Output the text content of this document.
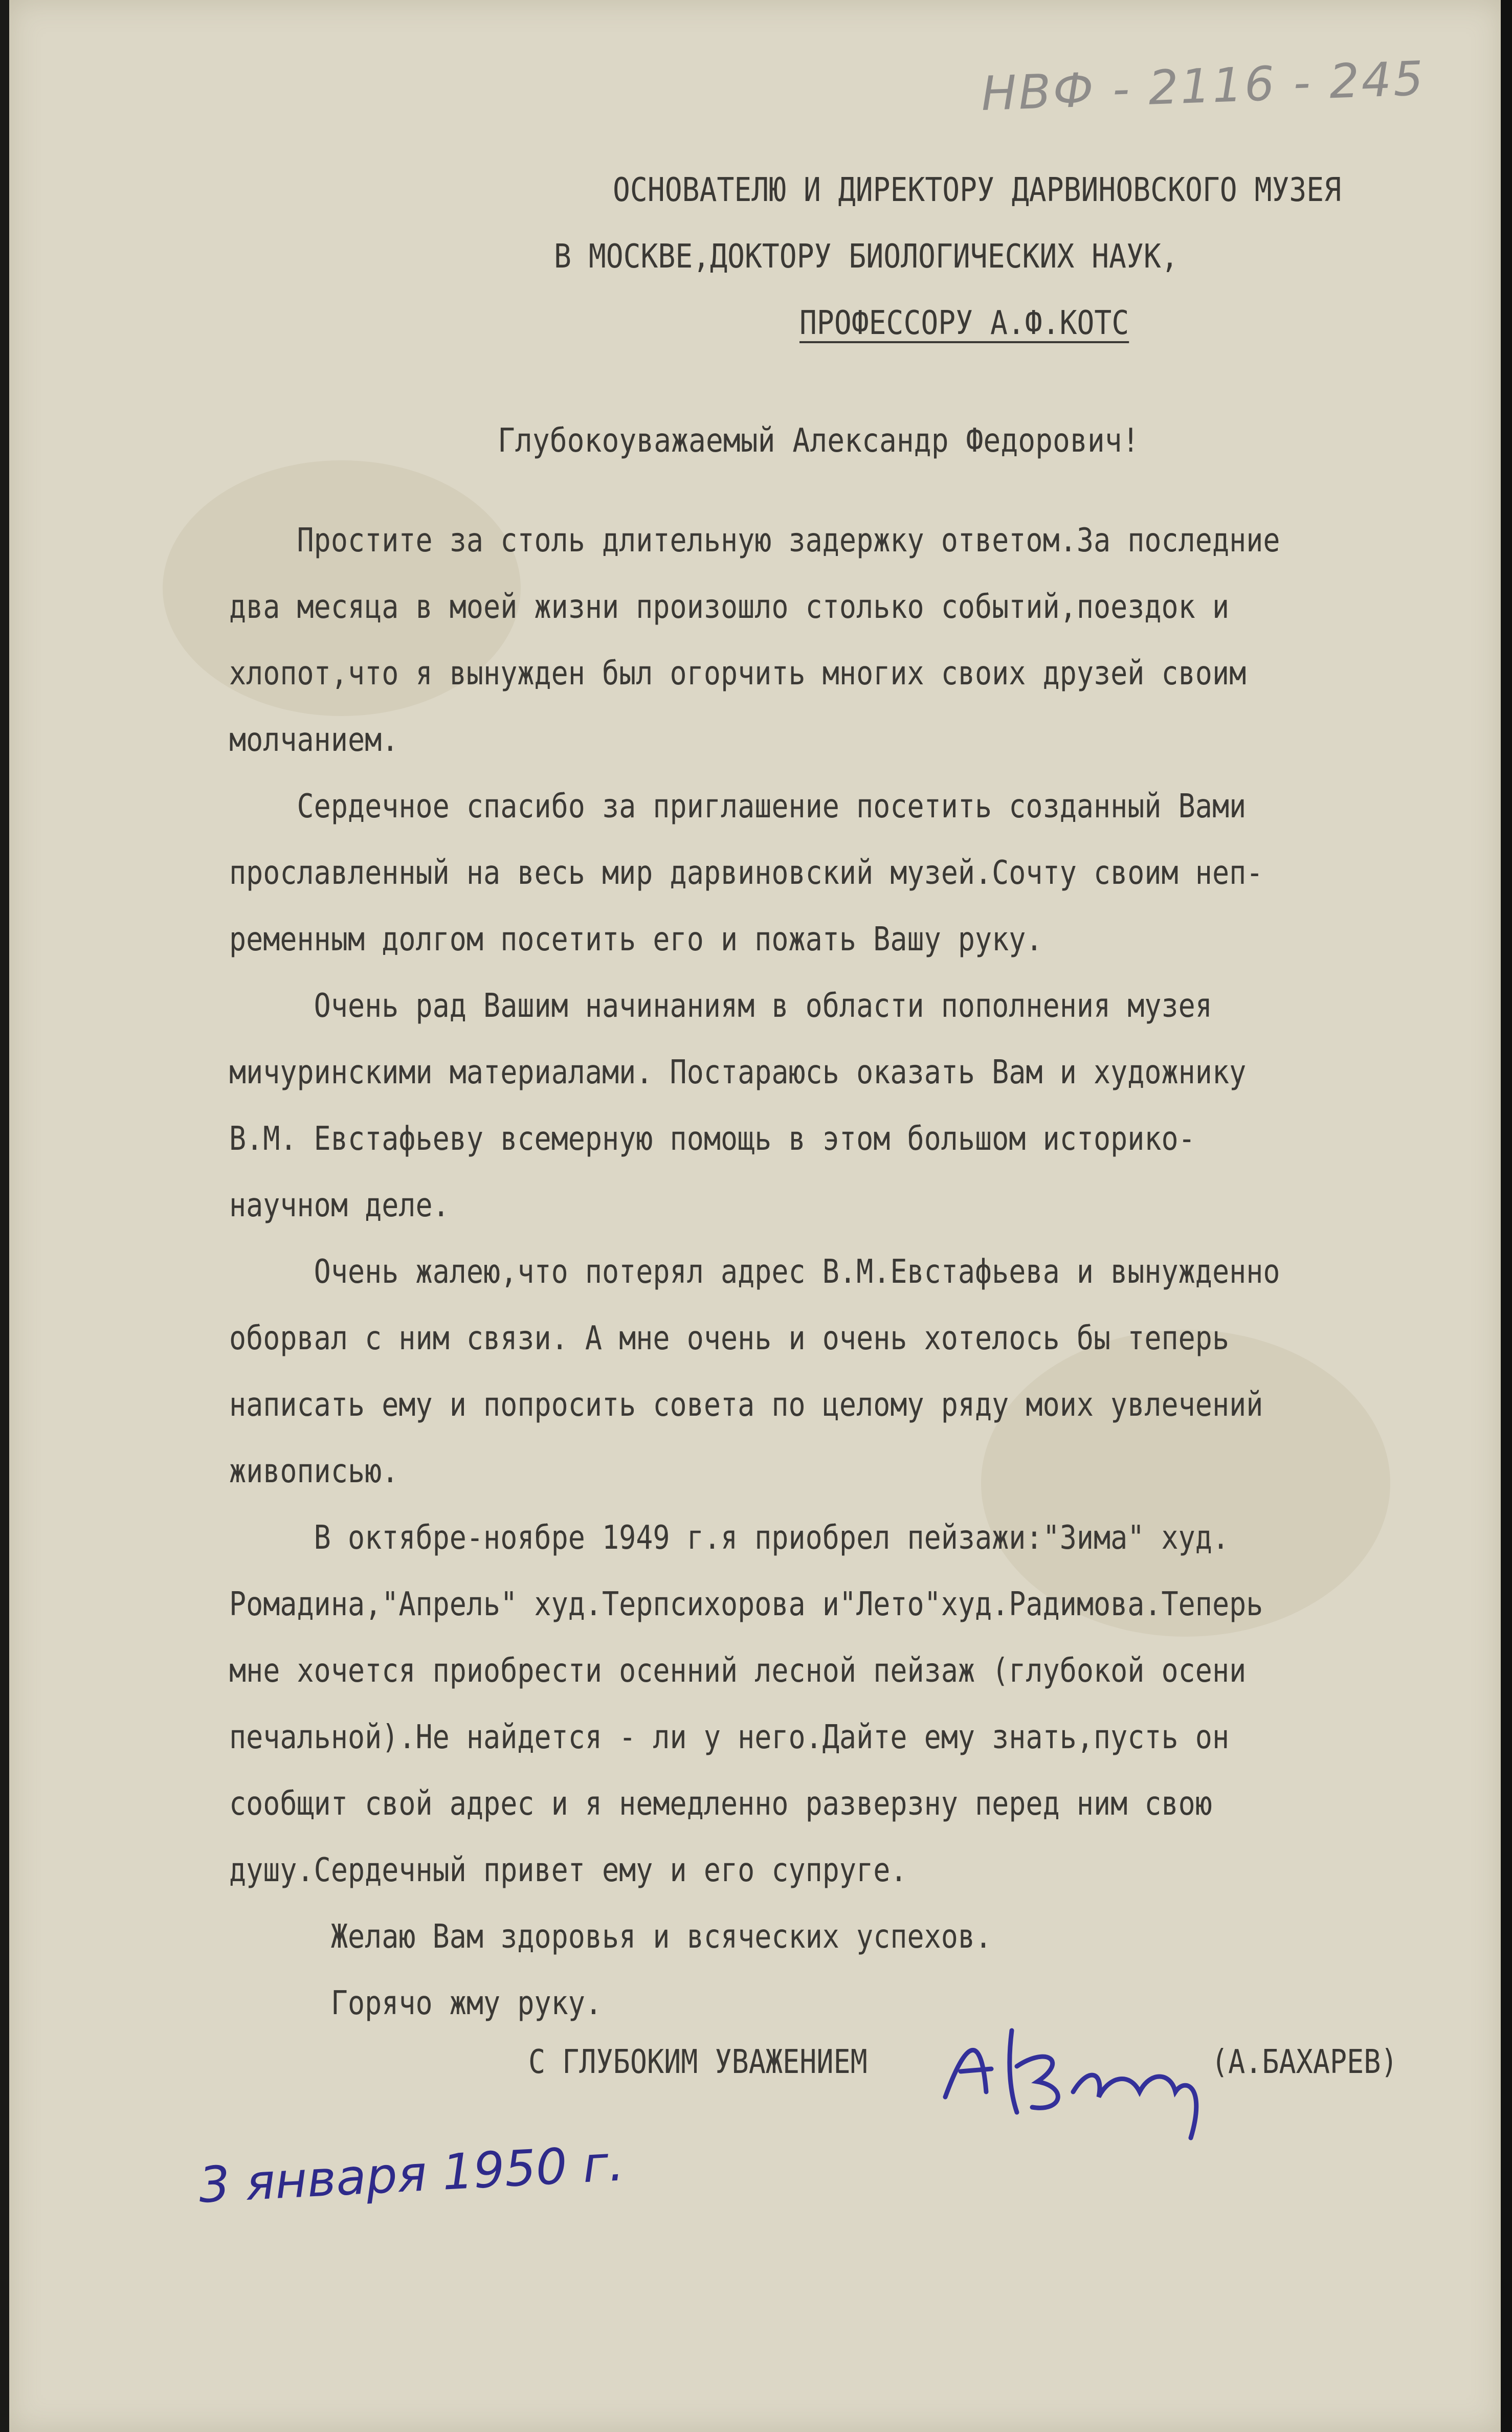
НВФ - 2116 - 245
ОСНОВАТЕЛЮ И ДИРЕКТОРУ ДАРВИНОВСКОГО МУЗЕЯ
В МОСКВЕ,ДОКТОРУ БИОЛОГИЧЕСКИХ НАУК,
ПРОФЕССОРУ А.Ф.КОТС
Глубокоуважаемый Александр Федорович!
Простите за столь длительную задержку ответом.За последние
два месяца в моей жизни произошло столько событий,поездок и
хлопот,что я вынужден был огорчить многих своих друзей своим
молчанием.
Сердечное спасибо за приглашение посетить созданный Вами
прославленный на весь мир дарвиновский музей.Сочту своим неп-
ременным долгом посетить его и пожать Вашу руку.
Очень рад Вашим начинаниям в области пополнения музея
мичуринскими материалами. Постараюсь оказать Вам и художнику
В.М. Евстафьеву всемерную помощь в этом большом историко-
научном деле.
Очень жалею,что потерял адрес В.М.Евстафьева и вынужденно
оборвал с ним связи. А мне очень и очень хотелось бы теперь
написать ему и попросить совета по целому ряду моих увлечений
живописью.
В октябре-ноябре 1949 г.я приобрел пейзажи:"Зима" худ.
Ромадина,"Апрель" худ.Терпсихорова и"Лето"худ.Радимова.Теперь
мне хочется приобрести осенний лесной пейзаж (глубокой осени
печальной).Не найдется - ли у него.Дайте ему знать,пусть он
сообщит свой адрес и я немедленно разверзну перед ним свою
душу.Сердечный привет ему и его супруге.
Желаю Вам здоровья и всяческих успехов.
Горячо жму руку.
С ГЛУБОКИМ УВАЖЕНИЕМ	(А.БАХАРЕВ)
3 января 1950 г.
